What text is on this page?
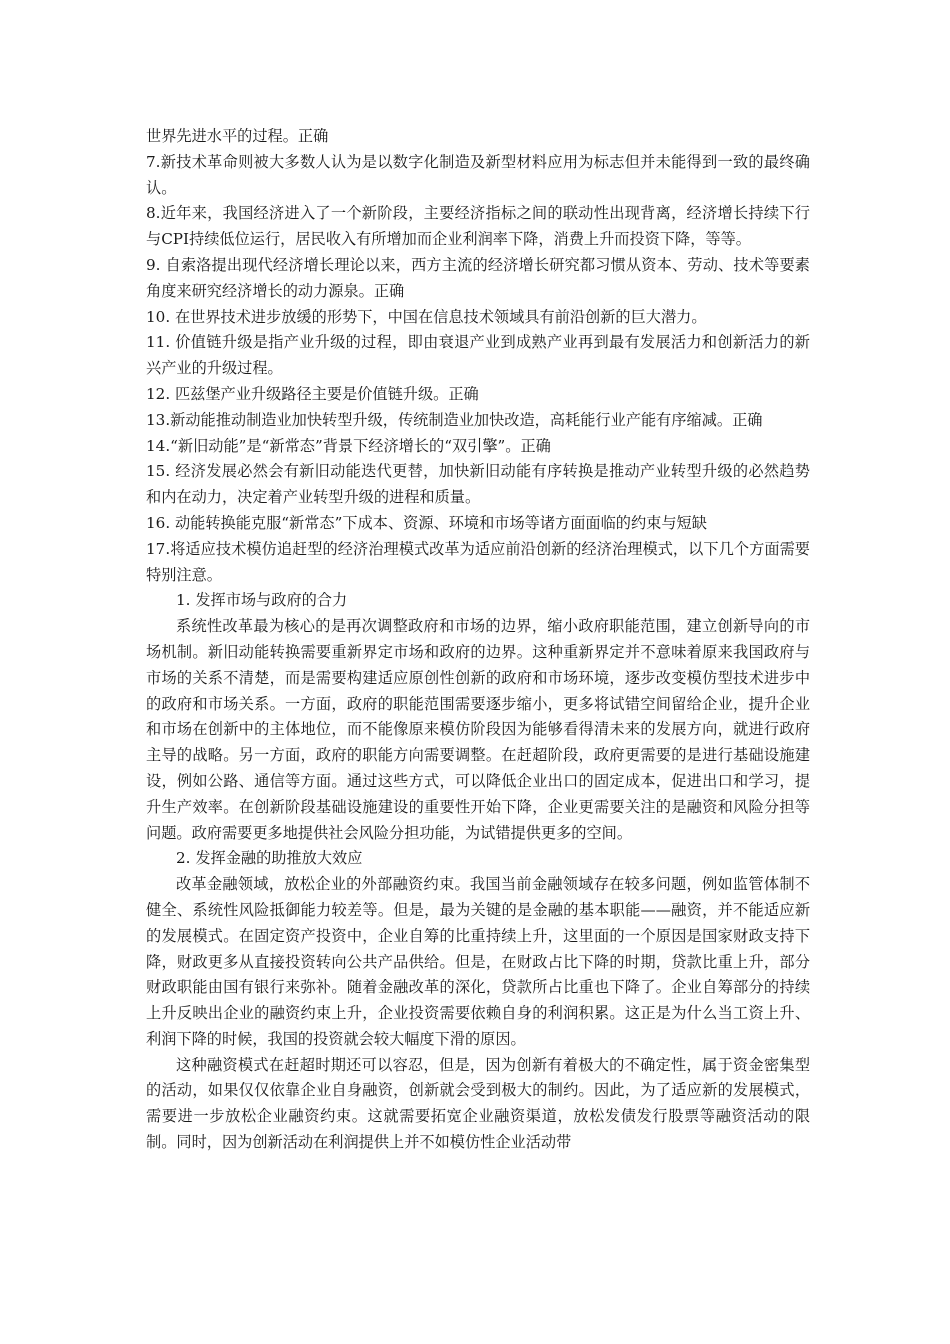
世界先进水平的过程。正确

7.新技术革命则被大多数人认为是以数字化制造及新型材料应用为标志但并未能得到一致的最终确认。

8.近年来，我国经济进入了一个新阶段，主要经济指标之间的联动性出现背离，经济增长持续下行与CPI持续低位运行，居民收入有所增加而企业利润率下降，消费上升而投资下降，等等。

9. 自索洛提出现代经济增长理论以来，西方主流的经济增长研究都习惯从资本、劳动、技术等要素角度来研究经济增长的动力源泉。正确

10. 在世界技术进步放缓的形势下，中国在信息技术领域具有前沿创新的巨大潜力。

11. 价值链升级是指产业升级的过程，即由衰退产业到成熟产业再到最有发展活力和创新活力的新兴产业的升级过程。

12. 匹兹堡产业升级路径主要是价值链升级。正确

13.新动能推动制造业加快转型升级，传统制造业加快改造，高耗能行业产能有序缩减。正确

14.“新旧动能”是“新常态”背景下经济增长的“双引擎”。正确

15. 经济发展必然会有新旧动能迭代更替，加快新旧动能有序转换是推动产业转型升级的必然趋势和内在动力，决定着产业转型升级的进程和质量。

16. 动能转换能克服“新常态”下成本、资源、环境和市场等诸方面面临的约束与短缺

17.将适应技术模仿追赶型的经济治理模式改革为适应前沿创新的经济治理模式，以下几个方面需要特别注意。

1. 发挥市场与政府的合力

系统性改革最为核心的是再次调整政府和市场的边界，缩小政府职能范围，建立创新导向的市场机制。新旧动能转换需要重新界定市场和政府的边界。这种重新界定并不意味着原来我国政府与市场的关系不清楚，而是需要构建适应原创性创新的政府和市场环境，逐步改变模仿型技术进步中的政府和市场关系。一方面，政府的职能范围需要逐步缩小，更多将试错空间留给企业，提升企业和市场在创新中的主体地位，而不能像原来模仿阶段因为能够看得清未来的发展方向，就进行政府主导的战略。另一方面，政府的职能方向需要调整。在赶超阶段，政府更需要的是进行基础设施建设，例如公路、通信等方面。通过这些方式，可以降低企业出口的固定成本，促进出口和学习，提升生产效率。在创新阶段基础设施建设的重要性开始下降，企业更需要关注的是融资和风险分担等问题。政府需要更多地提供社会风险分担功能，为试错提供更多的空间。

2. 发挥金融的助推放大效应

改革金融领域，放松企业的外部融资约束。我国当前金融领域存在较多问题，例如监管体制不健全、系统性风险抵御能力较差等。但是，最为关键的是金融的基本职能——融资，并不能适应新的发展模式。在固定资产投资中，企业自筹的比重持续上升，这里面的一个原因是国家财政支持下降，财政更多从直接投资转向公共产品供给。但是，在财政占比下降的时期，贷款比重上升，部分财政职能由国有银行来弥补。随着金融改革的深化，贷款所占比重也下降了。企业自筹部分的持续上升反映出企业的融资约束上升，企业投资需要依赖自身的利润积累。这正是为什么当工资上升、利润下降的时候，我国的投资就会较大幅度下滑的原因。

这种融资模式在赶超时期还可以容忍，但是，因为创新有着极大的不确定性，属于资金密集型的活动，如果仅仅依靠企业自身融资，创新就会受到极大的制约。因此，为了适应新的发展模式，需要进一步放松企业融资约束。这就需要拓宽企业融资渠道，放松发债发行股票等融资活动的限制。同时，因为创新活动在利润提供上并不如模仿性企业活动带
